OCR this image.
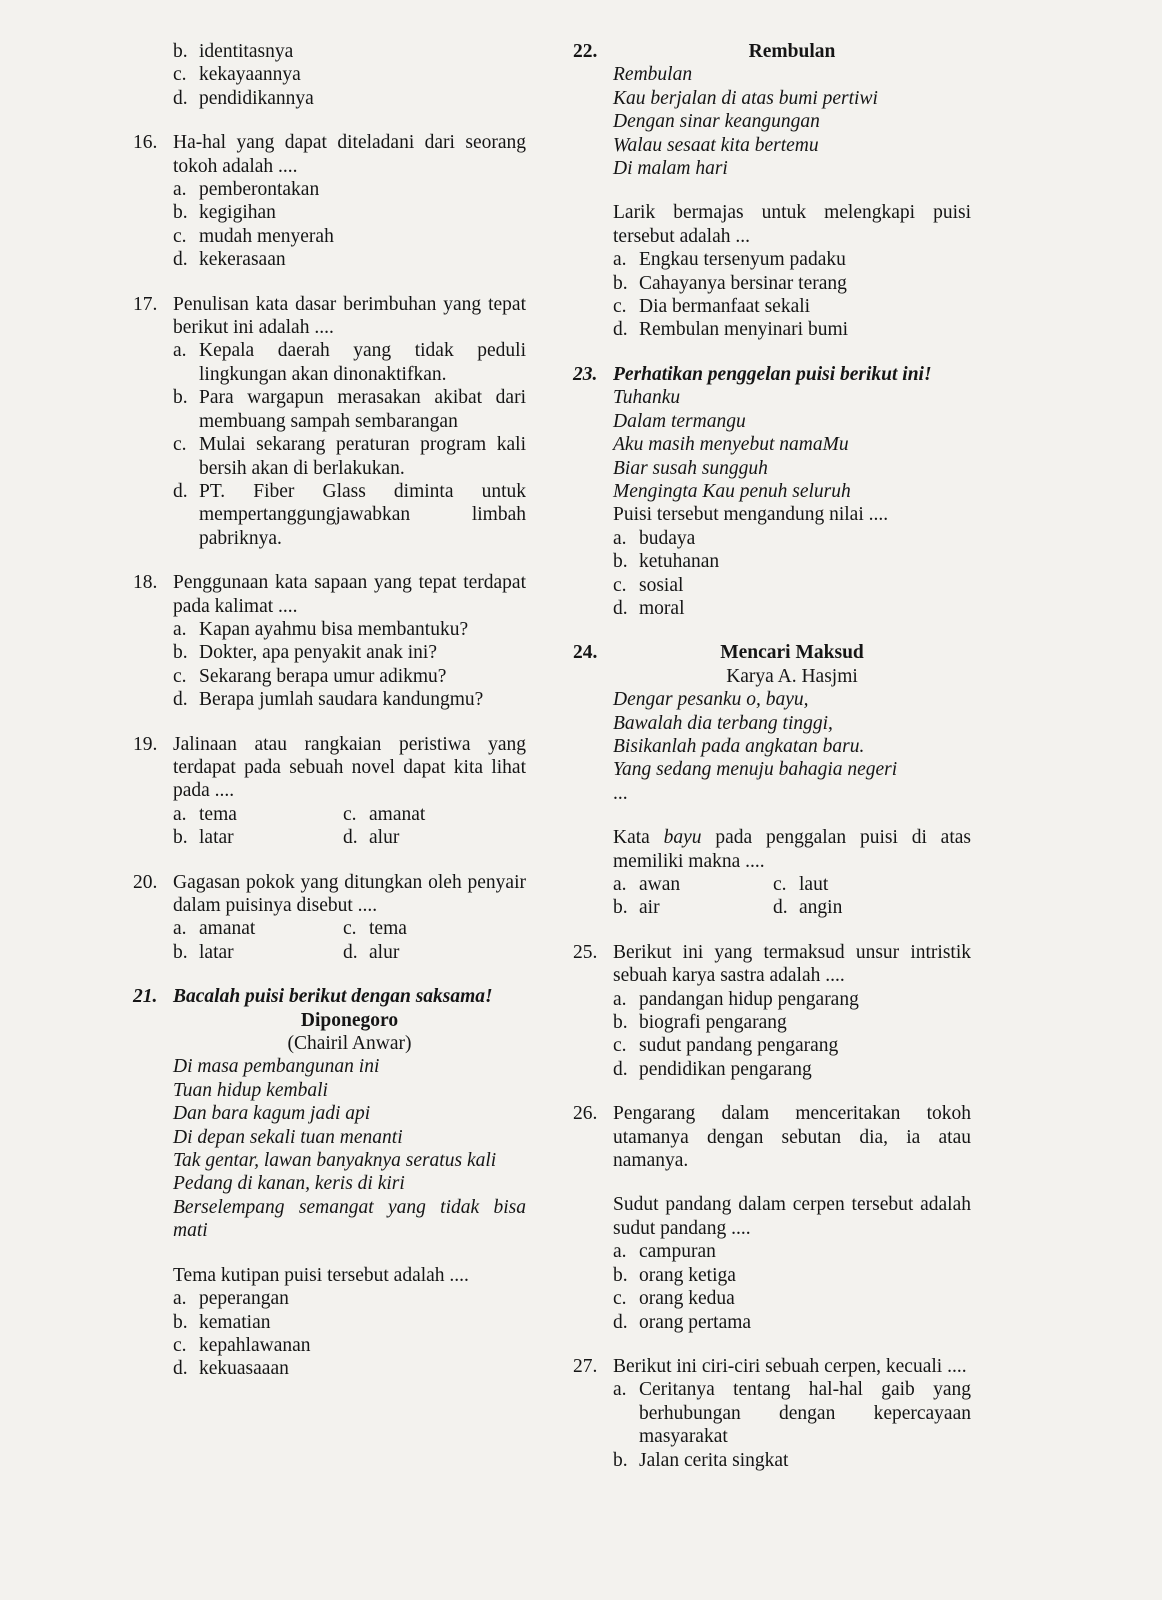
b. identitasnya
c. kekayaannya
d. pendidikannya
16. Ha-hal yang dapat diteladani dari seorang tokoh adalah ....
a. pemberontakan
b. kegigihan
c. mudah menyerah
d. kekerasaan
17. Penulisan kata dasar berimbuhan yang tepat berikut ini adalah ....
a. Kepala daerah yang tidak peduli lingkungan akan dinonaktifkan.
b. Para wargapun merasakan akibat dari membuang sampah sembarangan
c. Mulai sekarang peraturan program kali bersih akan di berlakukan.
d. PT. Fiber Glass diminta untuk mempertanggungjawabkan limbah pabriknya.
18. Penggunaan kata sapaan yang tepat terdapat pada kalimat ....
a. Kapan ayahmu bisa membantuku?
b. Dokter, apa penyakit anak ini?
c. Sekarang berapa umur adikmu?
d. Berapa jumlah saudara kandungmu?
19. Jalinaan atau rangkaian peristiwa yang terdapat pada sebuah novel dapat kita lihat pada ....
a. tema	c. amanat
b. latar	d. alur
20. Gagasan pokok yang ditungkan oleh penyair dalam puisinya disebut ....
a. amanat	c. tema
b. latar	d. alur
21. Bacalah puisi berikut dengan saksama!
Diponegoro
(Chairil Anwar)
Di masa pembangunan ini
Tuan hidup kembali
Dan bara kagum jadi api
Di depan sekali tuan menanti
Tak gentar, lawan banyaknya seratus kali
Pedang di kanan, keris di kiri
Berselempang semangat yang tidak bisa mati
Tema kutipan puisi tersebut adalah ....
a. peperangan
b. kematian
c. kepahlawanan
d. kekuasaaan
22.	Rembulan
Rembulan
Kau berjalan di atas bumi pertiwi
Dengan sinar keangungan
Walau sesaat kita bertemu
Di malam hari
Larik bermajas untuk melengkapi puisi tersebut adalah ...
a. Engkau tersenyum padaku
b. Cahayanya bersinar terang
c. Dia bermanfaat sekali
d. Rembulan menyinari bumi
23. Perhatikan penggelan puisi berikut ini!
Tuhanku
Dalam termangu
Aku masih menyebut namaMu
Biar susah sungguh
Mengingta Kau penuh seluruh
Puisi tersebut mengandung nilai ....
a. budaya
b. ketuhanan
c. sosial
d. moral
24.	Mencari Maksud
Karya A. Hasjmi
Dengar pesanku o, bayu,
Bawalah dia terbang tinggi,
Bisikanlah pada angkatan baru.
Yang sedang menuju bahagia negeri
...
Kata bayu pada penggalan puisi di atas memiliki makna ....
a. awan	c. laut
b. air	d. angin
25. Berikut ini yang termaksud unsur intristik sebuah karya sastra adalah ....
a. pandangan hidup pengarang
b. biografi pengarang
c. sudut pandang pengarang
d. pendidikan pengarang
26. Pengarang dalam menceritakan tokoh utamanya dengan sebutan dia, ia atau namanya.
Sudut pandang dalam cerpen tersebut adalah sudut pandang ....
a. campuran
b. orang ketiga
c. orang kedua
d. orang pertama
27. Berikut ini ciri-ciri sebuah cerpen, kecuali ....
a. Ceritanya tentang hal-hal gaib yang berhubungan dengan kepercayaan masyarakat
b. Jalan cerita singkat
